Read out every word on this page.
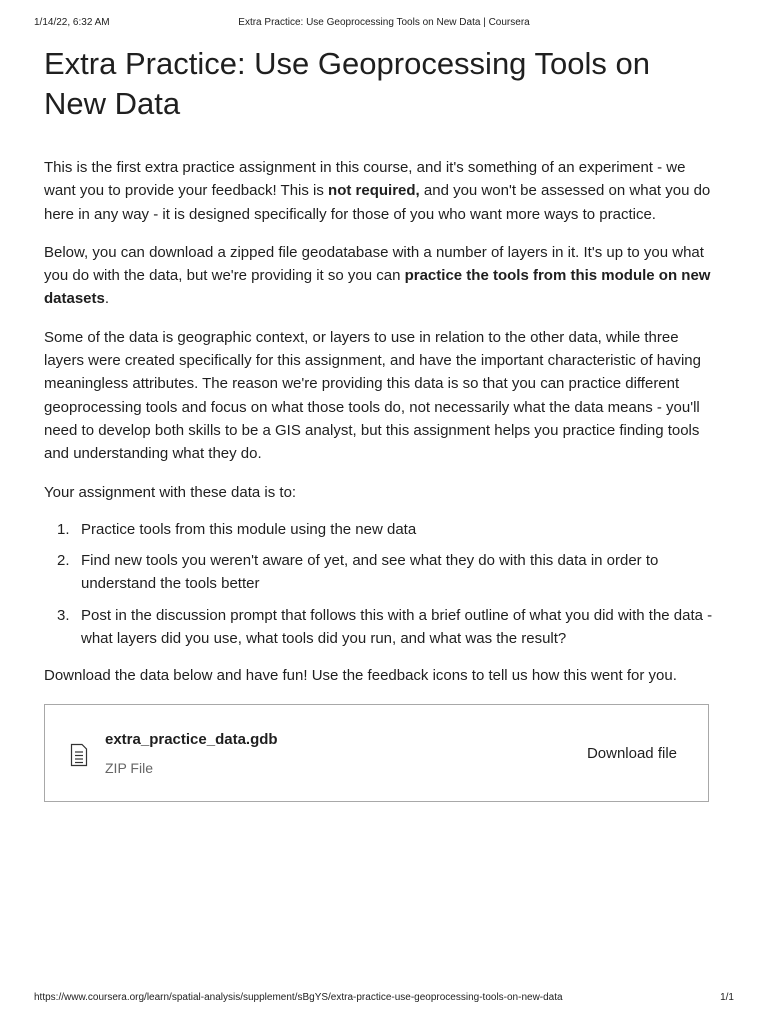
1/14/22, 6:32 AM	Extra Practice: Use Geoprocessing Tools on New Data | Coursera
Extra Practice: Use Geoprocessing Tools on New Data

This is the first extra practice assignment in this course, and it's something of an experiment - we want you to provide your feedback! This is not required, and you won't be assessed on what you do here in any way - it is designed specifically for those of you who want more ways to practice.

Below, you can download a zipped file geodatabase with a number of layers in it. It's up to you what you do with the data, but we're providing it so you can practice the tools from this module on new datasets.

Some of the data is geographic context, or layers to use in relation to the other data, while three layers were created specifically for this assignment, and have the important characteristic of having meaningless attributes. The reason we're providing this data is so that you can practice different geoprocessing tools and focus on what those tools do, not necessarily what the data means - you'll need to develop both skills to be a GIS analyst, but this assignment helps you practice finding tools and understanding what they do.

Your assignment with these data is to:

1. Practice tools from this module using the new data
2. Find new tools you weren't aware of yet, and see what they do with this data in order to understand the tools better
3. Post in the discussion prompt that follows this with a brief outline of what you did with the data - what layers did you use, what tools did you run, and what was the result?

Download the data below and have fun! Use the feedback icons to tell us how this went for you.

extra_practice_data.gdb
ZIP File
Download file
https://www.coursera.org/learn/spatial-analysis/supplement/sBgYS/extra-practice-use-geoprocessing-tools-on-new-data	1/1
